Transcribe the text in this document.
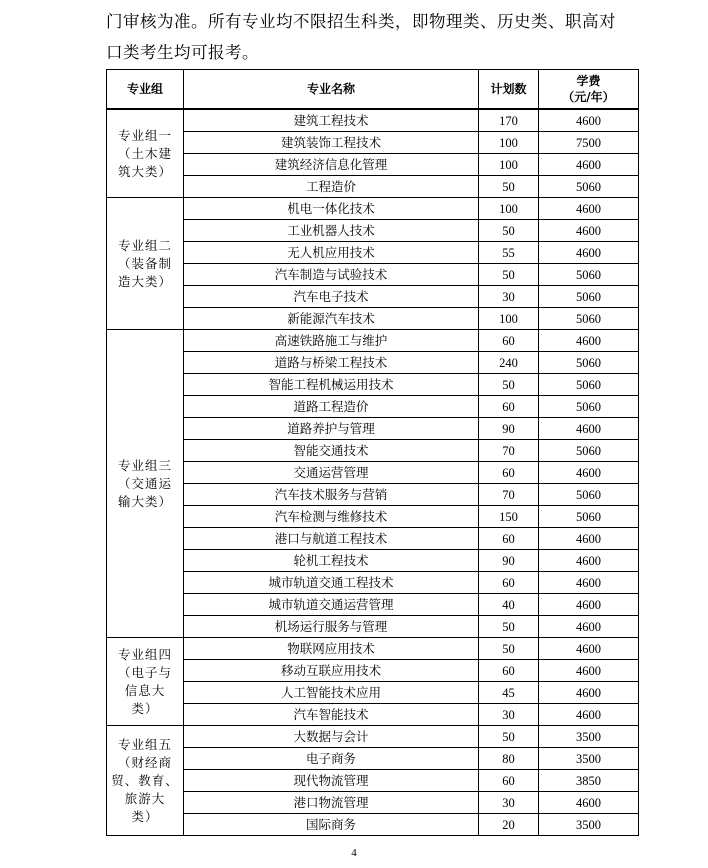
门审核为准。所有专业均不限招生科类，即物理类、历史类、职高对
口类考生均可报考。
专业组	专业名称	计划数	学费
（元/年）

专业组一
（土木建
筑大类）	建筑工程技术	170	4600
	建筑装饰工程技术	100	7500
	建筑经济信息化管理	100	4600
	工程造价	50	5060

专业组二
（装备制
造大类）	机电一体化技术	100	4600
	工业机器人技术	50	4600
	无人机应用技术	55	4600
	汽车制造与试验技术	50	5060
	汽车电子技术	30	5060
	新能源汽车技术	100	5060

专业组三
（交通运
输大类）	高速铁路施工与维护	60	4600
	道路与桥梁工程技术	240	5060
	智能工程机械运用技术	50	5060
	道路工程造价	60	5060
	道路养护与管理	90	4600
	智能交通技术	70	5060
	交通运营管理	60	4600
	汽车技术服务与营销	70	5060
	汽车检测与维修技术	150	5060
	港口与航道工程技术	60	4600
	轮机工程技术	90	4600
	城市轨道交通工程技术	60	4600
	城市轨道交通运营管理	40	4600
	机场运行服务与管理	50	4600

专业组四
（电子与
信息大
类）	物联网应用技术	50	4600
	移动互联应用技术	60	4600
	人工智能技术应用	45	4600
	汽车智能技术	30	4600

专业组五
（财经商
贸、教育、
旅游大
类）	大数据与会计	50	3500
	电子商务	80	3500
	现代物流管理	60	3850
	港口物流管理	30	4600
	国际商务	20	3500
4
